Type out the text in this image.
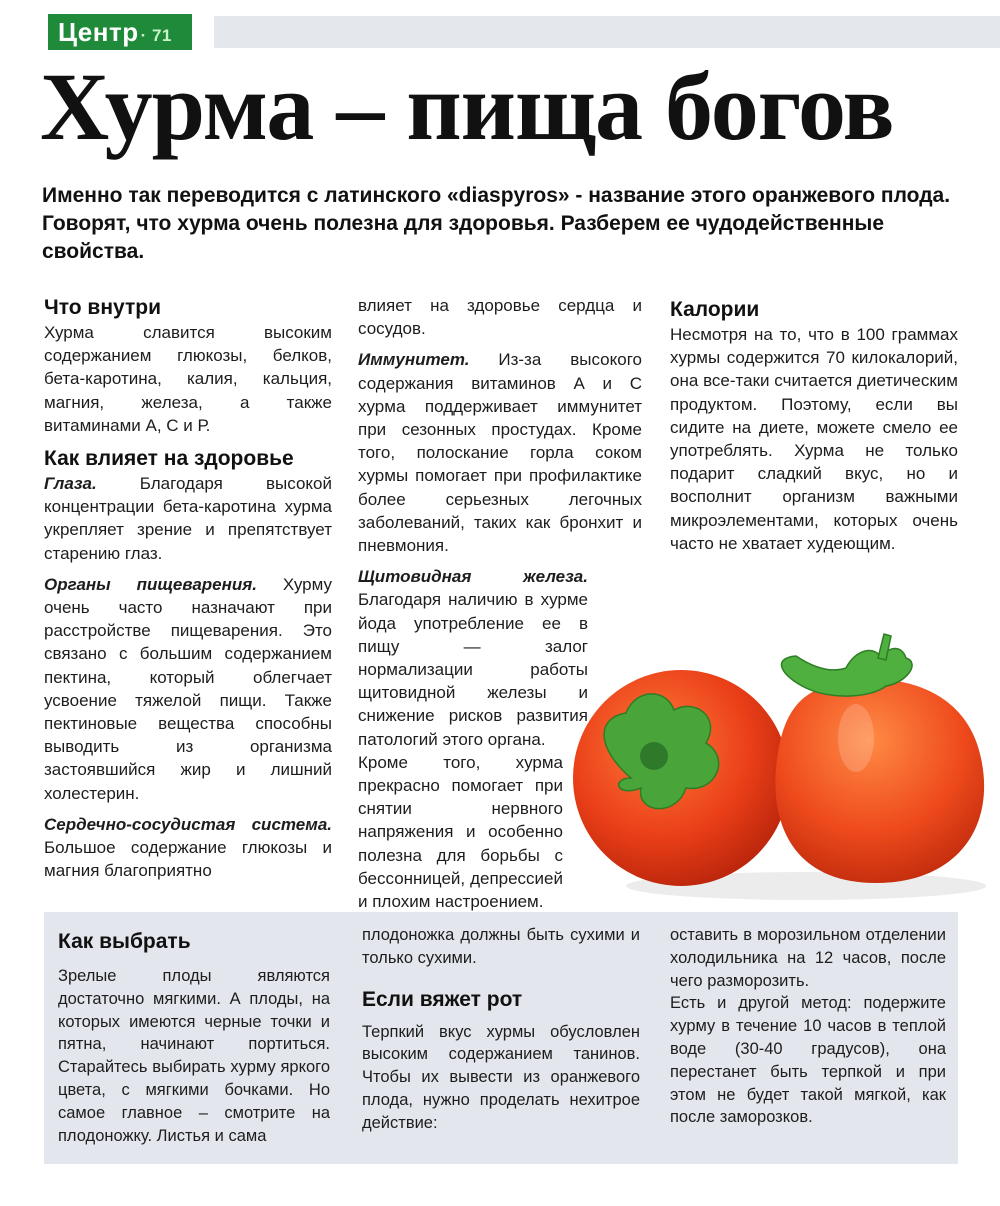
Центр · 71
Хурма – пища богов
Именно так переводится с латинского «diaspyros» - название этого оранжевого плода. Говорят, что хурма очень полезна для здоровья. Разберем ее чудодейственные свойства.
Что внутри

Хурма славится высоким содержанием глюкозы, белков, бета-каротина, калия, кальция, магния, железа, а также витаминами А, С и Р.

Как влияет на здоровье

Глаза. Благодаря высокой концентрации бета-каротина хурма укрепляет зрение и препятствует старению глаз.

Органы пищеварения. Хурму очень часто назначают при расстройстве пищеварения. Это связано с большим содержанием пектина, который облегчает усвоение тяжелой пищи. Также пектиновые вещества способны выводить из организма застоявшийся жир и лишний холестерин.

Сердечно-сосудистая система. Большое содержание глюкозы и магния благоприятно

влияет на здоровье сердца и сосудов.

Иммунитет. Из-за высокого содержания витаминов А и С хурма поддерживает иммунитет при сезонных простудах. Кроме того, полоскание горла соком хурмы помогает при профилактике более серьезных легочных заболеваний, таких как бронхит и пневмония.

Щитовидная железа. Благодаря наличию в хурме йода употребление ее в пищу — залог нормализации работы щитовидной железы и снижение рисков развития патологий этого органа.

Кроме того, хурма прекрасно помогает при снятии нервного напряжения и особенно полезна для борьбы с бессонницей, депрессией и плохим настроением.

Калории

Несмотря на то, что в 100 граммах хурмы содержится 70 килокалорий, она все-таки считается диетическим продуктом. Поэтому, если вы сидите на диете, можете смело ее употреблять. Хурма не только подарит сладкий вкус, но и восполнит организм важными микроэлементами, которых очень часто не хватает худеющим.

Как выбрать

Зрелые плоды являются достаточно мягкими. А плоды, на которых имеются черные точки и пятна, начинают портиться. Старайтесь выбирать хурму яркого цвета, с мягкими бочками. Но самое главное – смотрите на плодоножку. Листья и сама

плодоножка должны быть сухими и только сухими.

Если вяжет рот

Терпкий вкус хурмы обусловлен высоким содержанием танинов. Чтобы их вывести из оранжевого плода, нужно проделать нехитрое действие:

оставить в морозильном отделении холодильника на 12 часов, после чего разморозить.

Есть и другой метод: подержите хурму в течение 10 часов в теплой воде (30-40 градусов), она перестанет быть терпкой и при этом не будет такой мягкой, как после заморозков.
